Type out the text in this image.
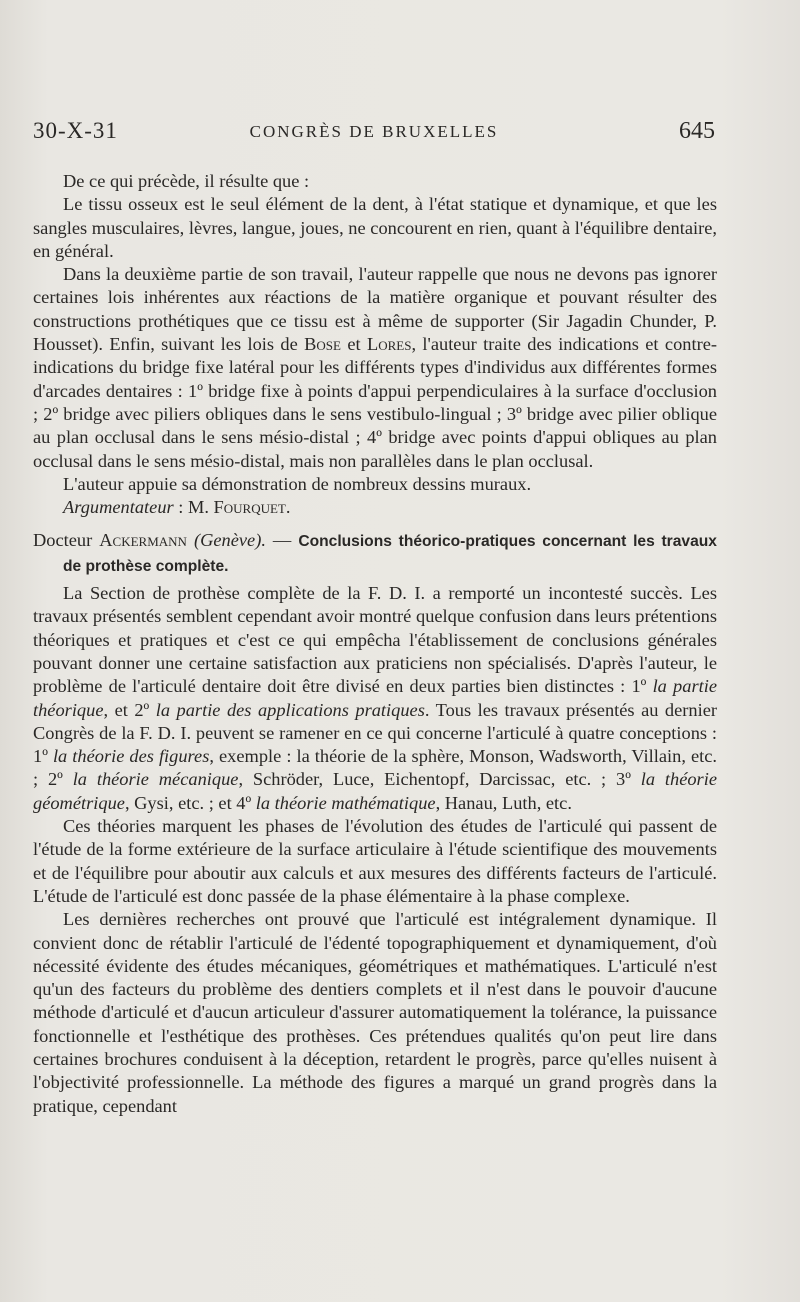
30-X-31	CONGRÈS DE BRUXELLES	645

De ce qui précède, il résulte que :

Le tissu osseux est le seul élément de la dent, à l'état statique et dynamique, et que les sangles musculaires, lèvres, langue, joues, ne concourent en rien, quant à l'équilibre dentaire, en général.

Dans la deuxième partie de son travail, l'auteur rappelle que nous ne devons pas ignorer certaines lois inhérentes aux réactions de la matière organique et pouvant résulter des constructions prothétiques que ce tissu est à même de supporter (Sir Jagadin Chunder, P. Housset). Enfin, suivant les lois de Bose et Lores, l'auteur traite des indications et contre-indications du bridge fixe latéral pour les différents types d'individus aux différentes formes d'arcades dentaires : 1º bridge fixe à points d'appui perpendiculaires à la surface d'occlusion ; 2º bridge avec piliers obliques dans le sens vestibulo-lingual ; 3º bridge avec pilier oblique au plan occlusal dans le sens mésio-distal ; 4º bridge avec points d'appui obliques au plan occlusal dans le sens mésio-distal, mais non parallèles dans le plan occlusal.

L'auteur appuie sa démonstration de nombreux dessins muraux.

Argumentateur : M. Fourquet.

Docteur Ackermann (Genève). — Conclusions théorico-pratiques concernant les travaux de prothèse complète.

La Section de prothèse complète de la F. D. I. a remporté un incontesté succès. Les travaux présentés semblent cependant avoir montré quelque confusion dans leurs prétentions théoriques et pratiques et c'est ce qui empêcha l'établissement de conclusions générales pouvant donner une certaine satisfaction aux praticiens non spécialisés. D'après l'auteur, le problème de l'articulé dentaire doit être divisé en deux parties bien distinctes : 1º la partie théorique, et 2º la partie des applications pratiques. Tous les travaux présentés au dernier Congrès de la F. D. I. peuvent se ramener en ce qui concerne l'articulé à quatre conceptions : 1º la théorie des figures, exemple : la théorie de la sphère, Monson, Wadsworth, Villain, etc. ; 2º la théorie mécanique, Schröder, Luce, Eichentopf, Darcissac, etc. ; 3º la théorie géométrique, Gysi, etc. ; et 4º la théorie mathématique, Hanau, Luth, etc.

Ces théories marquent les phases de l'évolution des études de l'articulé qui passent de l'étude de la forme extérieure de la surface articulaire à l'étude scientifique des mouvements et de l'équilibre pour aboutir aux calculs et aux mesures des différents facteurs de l'articulé. L'étude de l'articulé est donc passée de la phase élémentaire à la phase complexe.

Les dernières recherches ont prouvé que l'articulé est intégralement dynamique. Il convient donc de rétablir l'articulé de l'édenté topographiquement et dynamiquement, d'où nécessité évidente des études mécaniques, géométriques et mathématiques. L'articulé n'est qu'un des facteurs du problème des dentiers complets et il n'est dans le pouvoir d'aucune méthode d'articulé et d'aucun articuleur d'assurer automatiquement la tolérance, la puissance fonctionnelle et l'esthétique des prothèses. Ces prétendues qualités qu'on peut lire dans certaines brochures conduisent à la déception, retardent le progrès, parce qu'elles nuisent à l'objectivité professionnelle. La méthode des figures a marqué un grand progrès dans la pratique, cependant
